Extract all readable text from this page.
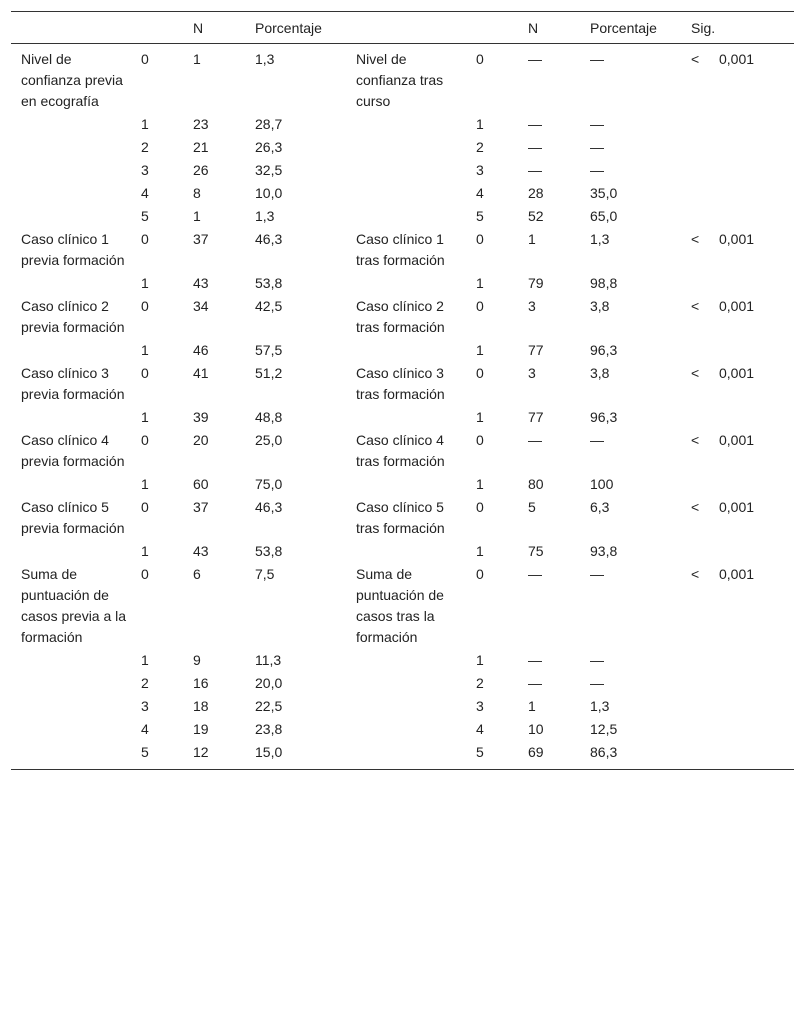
		N	Porcentaje			N	Porcentaje	Sig.
Nivel de confianza previa en ecografía	0	1	1,3	Nivel de confianza tras curso	0	—	—	< 0,001
	1	23	28,7		1	—	—	
	2	21	26,3		2	—	—	
	3	26	32,5		3	—	—	
	4	8	10,0		4	28	35,0	
	5	1	1,3		5	52	65,0	
Caso clínico 1 previa formación	0	37	46,3	Caso clínico 1 tras formación	0	1	1,3	< 0,001
	1	43	53,8		1	79	98,8	
Caso clínico 2 previa formación	0	34	42,5	Caso clínico 2 tras formación	0	3	3,8	< 0,001
	1	46	57,5		1	77	96,3	
Caso clínico 3 previa formación	0	41	51,2	Caso clínico 3 tras formación	0	3	3,8	< 0,001
	1	39	48,8		1	77	96,3	
Caso clínico 4 previa formación	0	20	25,0	Caso clínico 4 tras formación	0	—	—	< 0,001
	1	60	75,0		1	80	100	
Caso clínico 5 previa formación	0	37	46,3	Caso clínico 5 tras formación	0	5	6,3	< 0,001
	1	43	53,8		1	75	93,8	
Suma de puntuación de casos previa a la formación	0	6	7,5	Suma de puntuación de casos tras la formación	0	—	—	< 0,001
	1	9	11,3		1	—	—	
	2	16	20,0		2	—	—	
	3	18	22,5		3	1	1,3	
	4	19	23,8		4	10	12,5	
	5	12	15,0		5	69	86,3	
